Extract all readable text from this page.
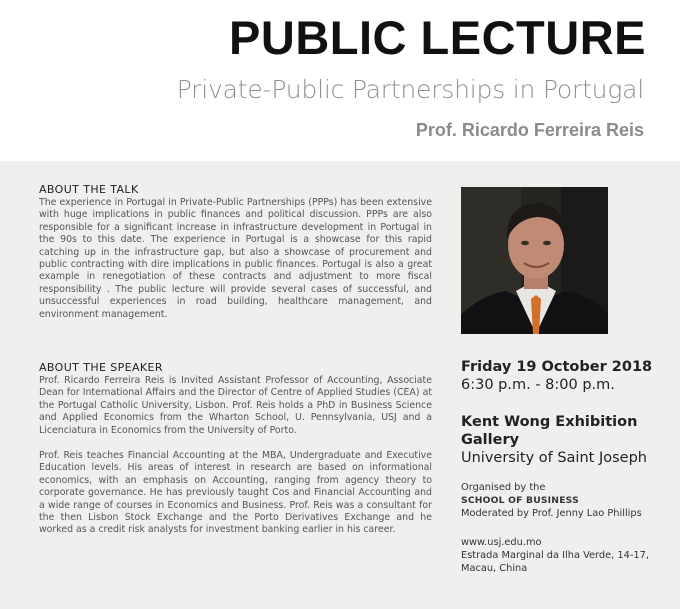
PUBLIC LECTURE
Private-Public Partnerships in Portugal
Prof. Ricardo Ferreira Reis
ABOUT THE TALK
The experience in Portugal in Private-Public Partnerships (PPPs) has been extensive with huge implications in public finances and political discussion. PPPs are also responsible for a significant increase in infrastructure development in Portugal in the 90s to this date. The experience in Portugal is a showcase for this rapid catching up in the infrastructure gap, but also a showcase of procurement and public contracting with dire implications in public finances. Portugal is also a great example in renegotiation of these contracts and adjustment to more fiscal responsibility . The public lecture will provide several cases of successful, and unsuccessful experiences in road building, healthcare management, and environment management.
ABOUT THE SPEAKER
Prof. Ricardo Ferreira Reis is Invited Assistant Professor of Accounting, Associate Dean for International Affairs and the Director of Centre of Applied Studies (CEA) at the Portugal Catholic University, Lisbon. Prof. Reis holds a PhD in Business Science and Applied Economics from the Wharton School, U. Pennsylvania, USJ and a Licenciatura in Economics from the University of Porto.
Prof. Reis teaches Financial Accounting at the MBA, Undergraduate and Executive Education levels. His areas of interest in research are based on informational economics, with an emphasis on Accounting, ranging from agency theory to corporate governance. He has previously taught Cos and Financial Accounting and a wide range of courses in Economics and Business. Prof. Reis was a consultant for the then Lisbon Stock Exchange and the Porto Derivatives Exchange and he worked as a credit risk analysts for investment banking earlier in his career.
Friday 19 October 2018
6:30 p.m. - 8:00 p.m.
Kent Wong Exhibition Gallery
University of Saint Joseph
Organised by the
SCHOOL OF BUSINESS
Moderated by Prof. Jenny Lao Phillips
www.usj.edu.mo
Estrada Marginal da Ilha Verde, 14-17,
Macau, China
